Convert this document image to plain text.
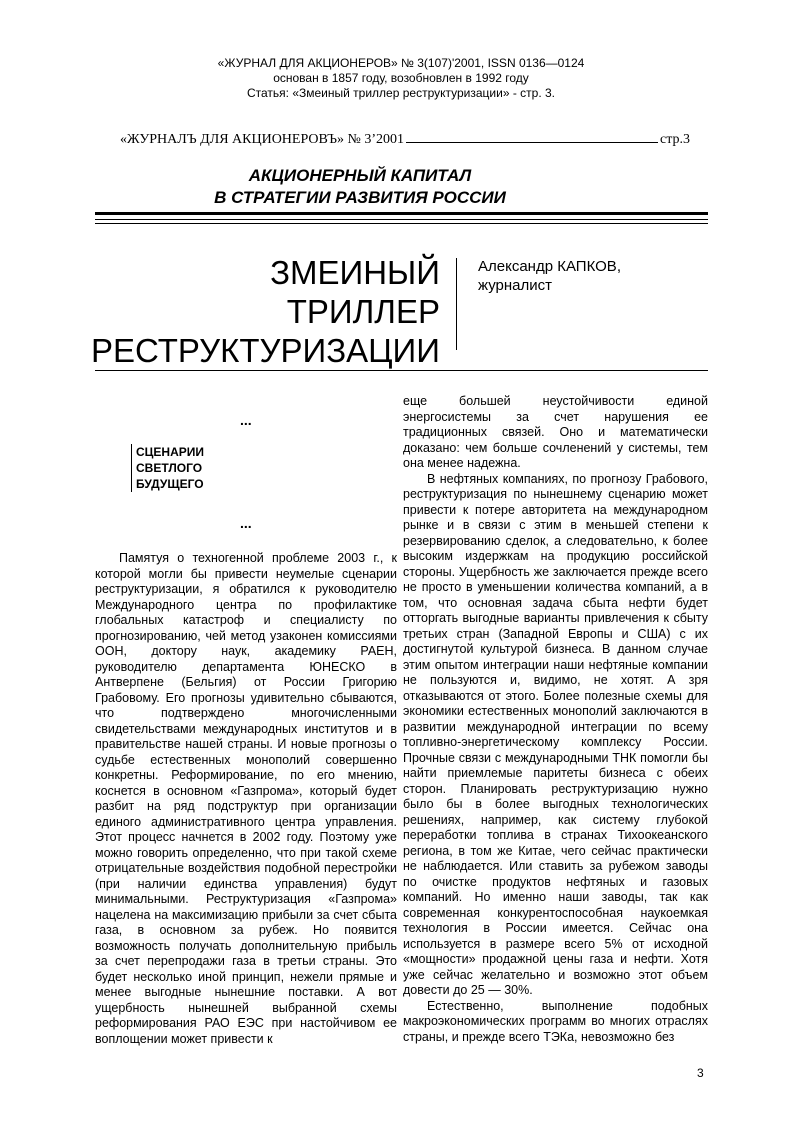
«ЖУРНАЛ ДЛЯ АКЦИОНЕРОВ» № 3(107)'2001, ISSN 0136—0124
основан в 1857 году, возобновлен в 1992 году
Статья: «Змеиный триллер реструктуризации» - стр. 3.
«ЖУРНАЛЪ ДЛЯ АКЦИОНЕРОВЪ» № 3’2001	стр.3
АКЦИОНЕРНЫЙ КАПИТАЛ
В СТРАТЕГИИ РАЗВИТИЯ РОССИИ
ЗМЕИНЫЙ
ТРИЛЛЕР
РЕСТРУКТУРИЗАЦИИ
Александр КАПКОВ,
журналист
...
СЦЕНАРИИ
СВЕТЛОГО
БУДУЩЕГО
...

Памятуя о техногенной проблеме 2003 г., к которой могли бы привести неумелые сценарии реструктуризации, я обратился к руководителю Международного центра по профилактике глобальных катастроф и специалисту по прогнозированию, чей метод узаконен комиссиями ООН, доктору наук, академику РАЕН, руководителю департамента ЮНЕСКО в Антверпене (Бельгия) от России Григорию Грабовому. Его прогнозы удивительно сбываются, что подтверждено многочисленными свидетельствами международных институтов и в правительстве нашей страны. И новые прогнозы о судьбе естественных монополий совершенно конкретны. Реформирование, по его мнению, коснется в основном «Газпрома», который будет разбит на ряд подструктур при организации единого административного центра управления. Этот процесс начнется в 2002 году. Поэтому уже можно говорить определенно, что при такой схеме отрицательные воздействия подобной перестройки (при наличии единства управления) будут минимальными. Реструктуризация «Газпрома» нацелена на максимизацию прибыли за счет сбыта газа, в основном за рубеж. Но появится возможность получать дополнительную прибыль за счет перепродажи газа в третьи страны. Это будет несколько иной принцип, нежели прямые и менее выгодные нынешние поставки. А вот ущербность нынешней выбранной схемы реформирования РАО ЕЭС при настойчивом ее воплощении может привести к

еще большей неустойчивости единой энергосистемы за счет нарушения ее традиционных связей. Оно и математически доказано: чем больше сочленений у системы, тем она менее надежна.

В нефтяных компаниях, по прогнозу Грабового, реструктуризация по нынешнему сценарию может привести к потере авторитета на международном рынке и в связи с этим в меньшей степени к резервированию сделок, а следовательно, к более высоким издержкам на продукцию российской стороны. Ущербность же заключается прежде всего не просто в уменьшении количества компаний, а в том, что основная задача сбыта нефти будет отторгать выгодные варианты привлечения к сбыту третьих стран (Западной Европы и США) с их достигнутой культурой бизнеса. В данном случае этим опытом интеграции наши нефтяные компании не пользуются и, видимо, не хотят. А зря отказываются от этого. Более полезные схемы для экономики естественных монополий заключаются в развитии международной интеграции по всему топливно-энергетическому комплексу России. Прочные связи с международными ТНК помогли бы найти приемлемые паритеты бизнеса с обеих сторон. Планировать реструктуризацию нужно было бы в более выгодных технологических решениях, например, как систему глубокой переработки топлива в странах Тихоокеанского региона, в том же Китае, чего сейчас практически не наблюдается. Или ставить за рубежом заводы по очистке продуктов нефтяных и газовых компаний. Но именно наши заводы, так как современная конкурентоспособная наукоемкая технология в России имеется. Сейчас она используется в размере всего 5% от исходной «мощности» продажной цены газа и нефти. Хотя уже сейчас желательно и возможно этот объем довести до 25 — 30%.

Естественно, выполнение подобных макроэкономических программ во многих отраслях страны, и прежде всего ТЭКа, невозможно без

3
